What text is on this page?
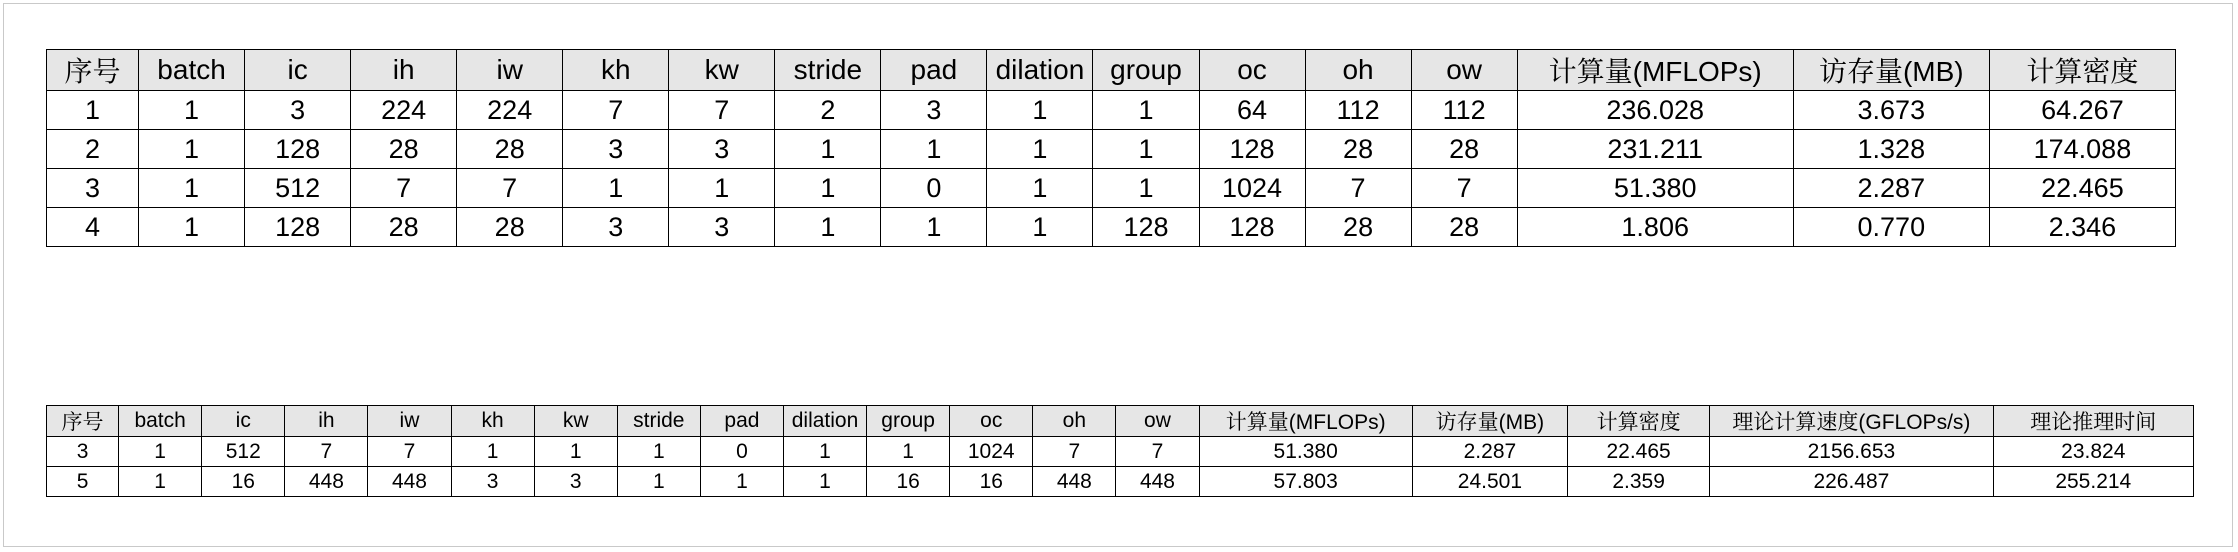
序号	batch	ic	ih	iw	kh	kw	stride	pad	dilation	group	oc	oh	ow	计算量(MFLOPs)	访存量(MB)	计算密度
1	1	3	224	224	7	7	2	3	1	1	64	112	112	236.028	3.673	64.267
2	1	128	28	28	3	3	1	1	1	1	128	28	28	231.211	1.328	174.088
3	1	512	7	7	1	1	1	0	1	1	1024	7	7	51.380	2.287	22.465
4	1	128	28	28	3	3	1	1	1	128	128	28	28	1.806	0.770	2.346
序号	batch	ic	ih	iw	kh	kw	stride	pad	dilation	group	oc	oh	ow	计算量(MFLOPs)	访存量(MB)	计算密度	理论计算速度(GFLOPs/s)	理论推理时间
3	1	512	7	7	1	1	1	0	1	1	1024	7	7	51.380	2.287	22.465	2156.653	23.824
5	1	16	448	448	3	3	1	1	1	16	16	448	448	57.803	24.501	2.359	226.487	255.214
